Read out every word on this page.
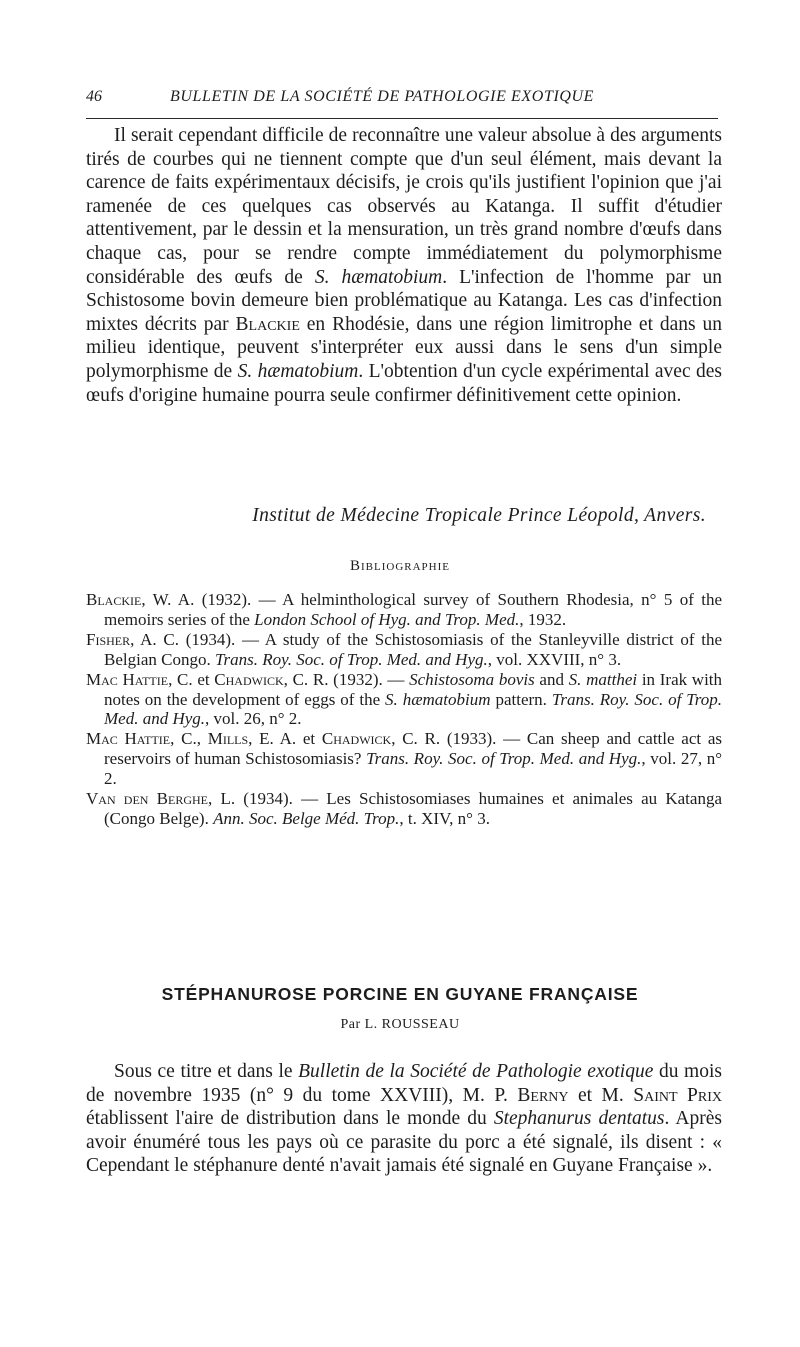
46	BULLETIN DE LA SOCIÉTÉ DE PATHOLOGIE EXOTIQUE

Il serait cependant difficile de reconnaître une valeur absolue à des arguments tirés de courbes qui ne tiennent compte que d'un seul élément, mais devant la carence de faits expérimentaux décisifs, je crois qu'ils justifient l'opinion que j'ai ramenée de ces quelques cas observés au Katanga. Il suffit d'étudier attentivement, par le dessin et la mensuration, un très grand nombre d'œufs dans chaque cas, pour se rendre compte immédiatement du polymorphisme considérable des œufs de S. hæmatobium. L'infection de l'homme par un Schistosome bovin demeure bien problématique au Katanga. Les cas d'infection mixtes décrits par Blackie en Rhodésie, dans une région limitrophe et dans un milieu identique, peuvent s'interpréter eux aussi dans le sens d'un simple polymorphisme de S. hæmatobium. L'obtention d'un cycle expérimental avec des œufs d'origine humaine pourra seule confirmer définitivement cette opinion.

Institut de Médecine Tropicale Prince Léopold, Anvers.
Bibliographie

Blackie, W. A. (1932). — A helminthological survey of Southern Rhodesia, n° 5 of the memoirs series of the London School of Hyg. and Trop. Med., 1932.

Fisher, A. C. (1934). — A study of the Schistosomiasis of the Stanleyville district of the Belgian Congo. Trans. Roy. Soc. of Trop. Med. and Hyg., vol. XXVIII, n° 3.

Mac Hattie, C. et Chadwick, C. R. (1932). — Schistosoma bovis and S. matthei in Irak with notes on the development of eggs of the S. hæmatobium pattern. Trans. Roy. Soc. of Trop. Med. and Hyg., vol. 26, n° 2.

Mac Hattie, C., Mills, E. A. et Chadwick, C. R. (1933). — Can sheep and cattle act as reservoirs of human Schistosomiasis? Trans. Roy. Soc. of Trop. Med. and Hyg., vol. 27, n° 2.

Van den Berghe, L. (1934). — Les Schistosomiases humaines et animales au Katanga (Congo Belge). Ann. Soc. Belge Méd. Trop., t. XIV, n° 3.

STÉPHANUROSE PORCINE EN GUYANE FRANÇAISE
Par L. ROUSSEAU

Sous ce titre et dans le Bulletin de la Société de Pathologie exotique du mois de novembre 1935 (n° 9 du tome XXVIII), M. P. Berny et M. Saint Prix établissent l'aire de distribution dans le monde du Stephanurus dentatus. Après avoir énuméré tous les pays où ce parasite du porc a été signalé, ils disent : « Cependant le stéphanure denté n'avait jamais été signalé en Guyane Française ».
